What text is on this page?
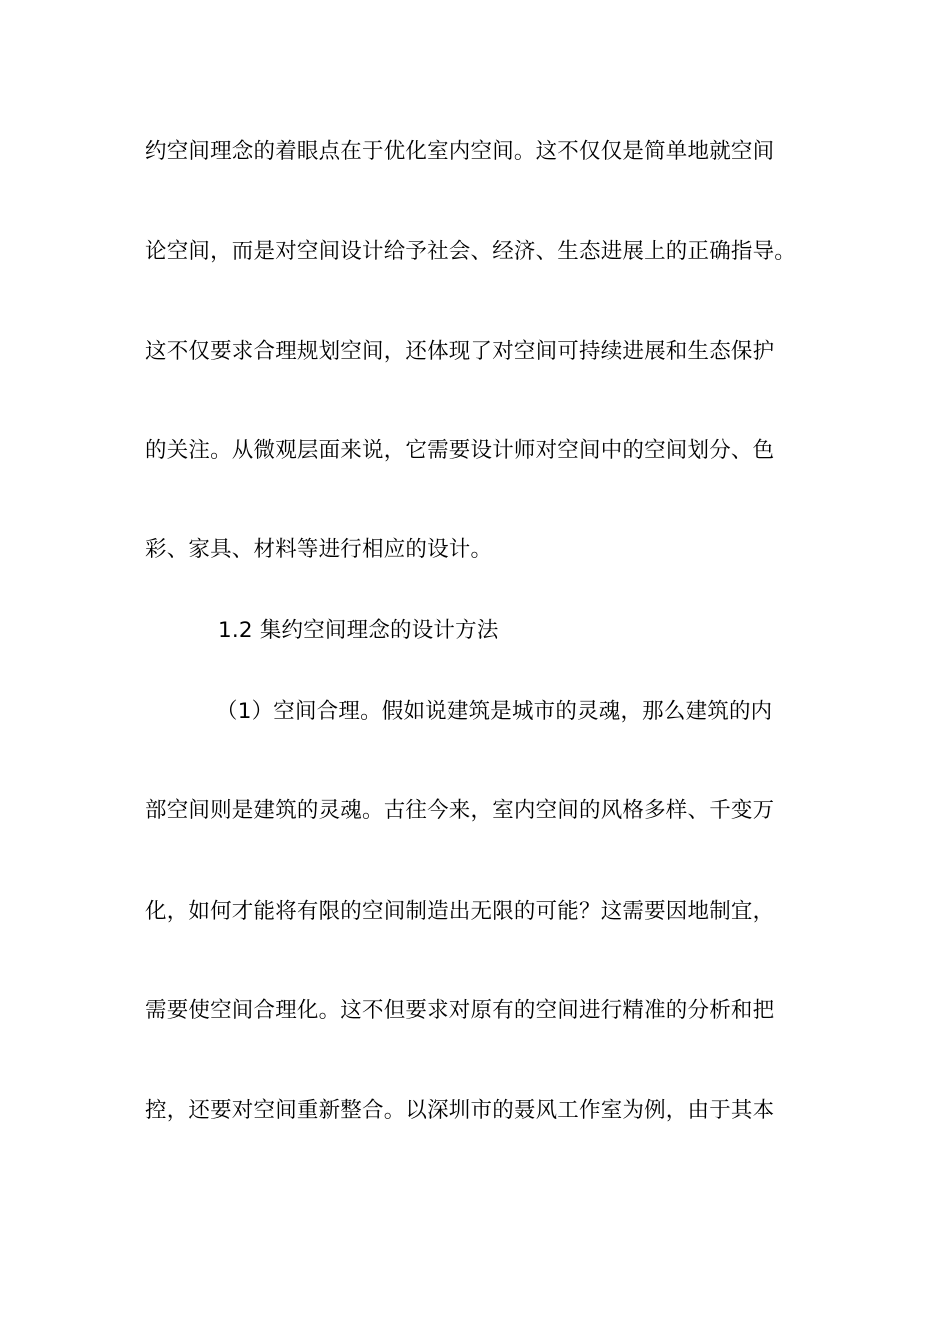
约空间理念的着眼点在于优化室内空间。这不仅仅是简单地就空间
论空间，而是对空间设计给予社会、经济、生态进展上的正确指导。
这不仅要求合理规划空间，还体现了对空间可持续进展和生态保护
的关注。从微观层面来说，它需要设计师对空间中的空间划分、色
彩、家具、材料等进行相应的设计。
1.2 集约空间理念的设计方法
（1）空间合理。假如说建筑是城市的灵魂，那么建筑的内
部空间则是建筑的灵魂。古往今来，室内空间的风格多样、千变万
化，如何才能将有限的空间制造出无限的可能？这需要因地制宜，
需要使空间合理化。这不但要求对原有的空间进行精准的分析和把
控，还要对空间重新整合。以深圳市的聂风工作室为例，由于其本
